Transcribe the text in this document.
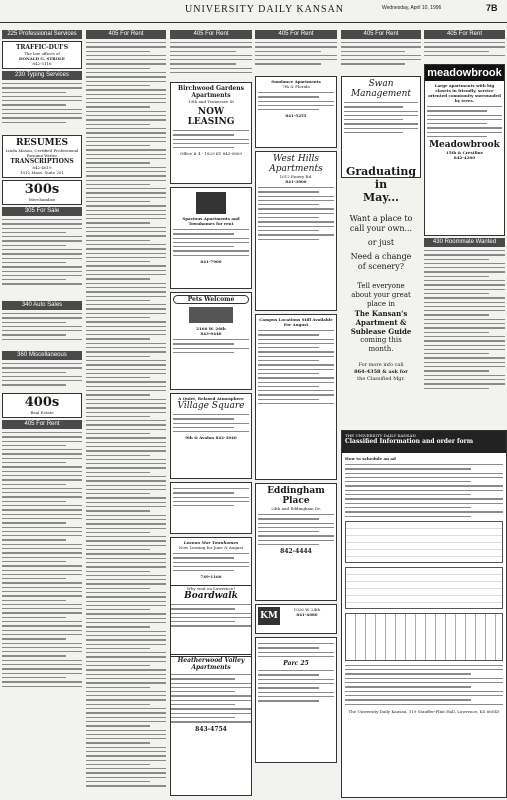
UNIVERSITY DAILY KANSAN	Wednesday, April 10, 1996	7B
225 Professional Services
TRAFFIC-DUI'S
The law offices of
DONALD G. STROLE
842-5116
230 Typing Services
RESUMES
Linda Mason, Certified Professional Resume Writer
TRANSCRIPTIONS
842-4619
1012 Mass. Suite 201
300s
Merchandise
305 For Sale
340 Auto Sales
360 Miscellaneous
400s
Real Estate
405 For Rent
405 For Rent	405 For Rent
Birchwood Gardens Apartments
19th and Tennessee St
NOW LEASING
Office # 4 - 1829 KY 843-0809
Spacious Apartments and Townhomes for rent
841-7900
Pets Welcome
2166 W. 26th
843-0446
A Quiet, Relaxed Atmosphere
Village Square
9th & Avalon 842-3040
Leanna Mar Townhomes
Now Leasing for June & August
749-1166
405 For Rent
Sundance Apartments
7th & Florida
841-5255
West Hills Apartments
1012 Emery Rd.
841-3800
Campus Locations Still Available For August
Eddingham Place
24th and Eddingham Dr.
842-4444
KM
1026 W. 24th
841-4680
Parc 25
405 For Rent
Swan Management
405 For Rent
meadowbrook
Large apartments with big closets in friendly, service oriented community surrounded by trees.
Meadowbrook
15th & Crestline
842-4200
430 Roommate Wanted
Graduating in
May...
Want a place to
call your own...
or just
Need a change
of scenery?
Tell everyone
about your great
place in
The Kansan's
Apartment &
Sublease Guide
coming this
month.
For more info call
864-4358 & ask for
the Classified Mgr.
THE UNIVERSITY DAILY KANSAN
Classified Information and order form
How to schedule an ad
The University Daily Kansan, 119 Stauffer-Flint Hall, Lawrence, KS 66045
Why wait on Lawrence?
Boardwalk
Heatherwood Valley Apartments
843-4754
